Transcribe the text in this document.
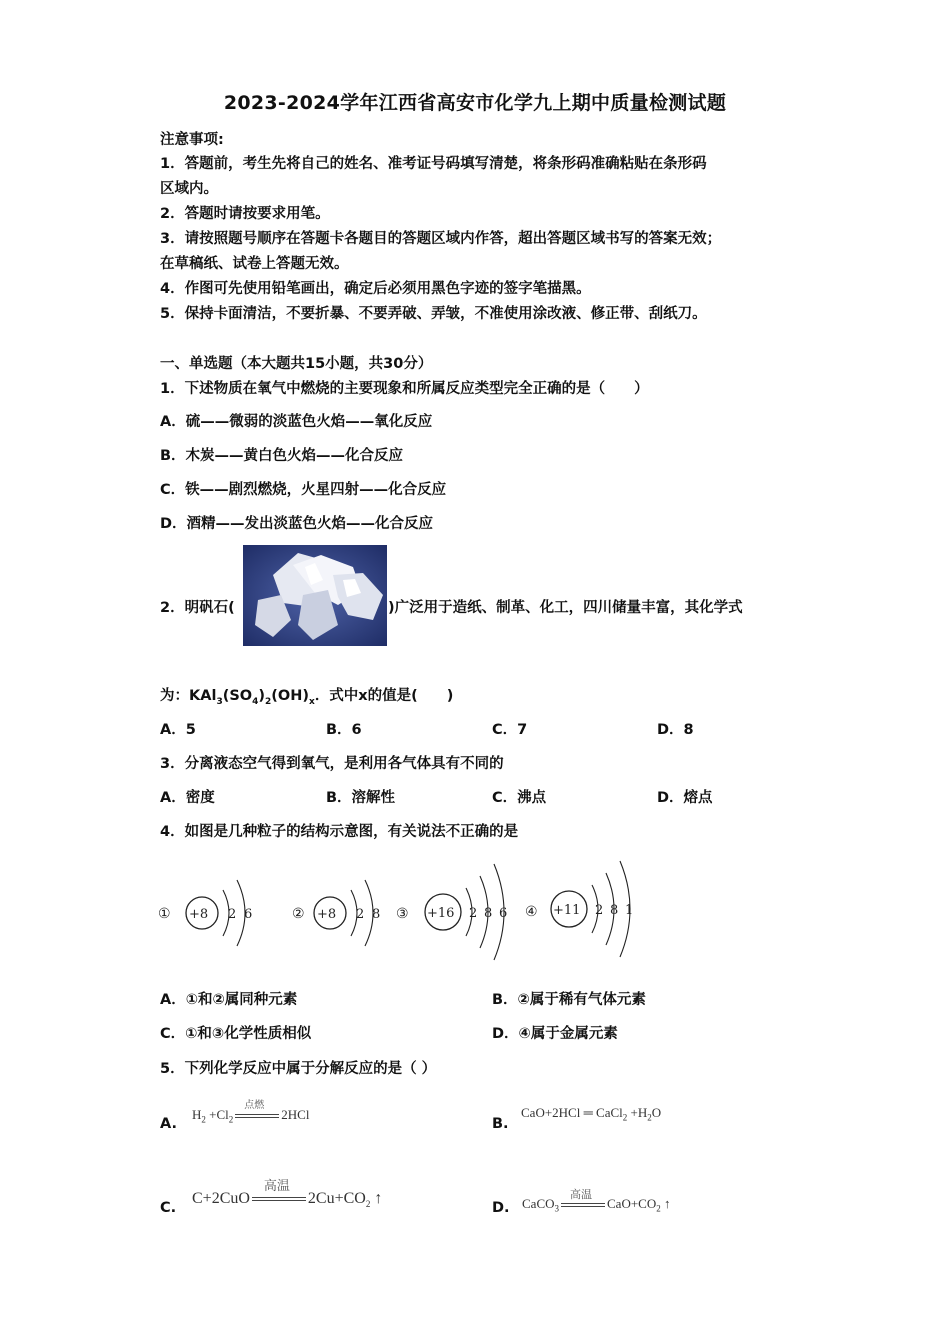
2023-2024学年江西省高安市化学九上期中质量检测试题
注意事项:
1．答题前，考生先将自己的姓名、准考证号码填写清楚，将条形码准确粘贴在条形码
区域内。
2．答题时请按要求用笔。
3．请按照题号顺序在答题卡各题目的答题区域内作答，超出答题区域书写的答案无效；
在草稿纸、试卷上答题无效。
4．作图可先使用铅笔画出，确定后必须用黑色字迹的签字笔描黑。
5．保持卡面清洁，不要折暴、不要弄破、弄皱，不准使用涂改液、修正带、刮纸刀。
一、单选题（本大题共15小题，共30分）
1．下述物质在氧气中燃烧的主要现象和所属反应类型完全正确的是（　　）
A．硫——微弱的淡蓝色火焰——氧化反应
B．木炭——黄白色火焰——化合反应
C．铁——剧烈燃烧，火星四射——化合反应
D．酒精——发出淡蓝色火焰——化合反应
2．明矾石(	)广泛用于造纸、制革、化工，四川储量丰富，其化学式
为：$KAl_3(SO_4)_2(OH)_x$．式中x的值是(　　)
A．5	B．6	C．7	D．8
3．分离液态空气得到氧气，是利用各气体具有不同的
A．密度	B．溶解性	C．沸点	D．熔点
4．如图是几种粒子的结构示意图，有关说法不正确的是
① +8 2 6	② +8 2 8 ③ +16 2 8 6 ④ +11 2 8 1
A．①和②属同种元素	B．②属于稀有气体元素
C．①和③化学性质相似	D．④属于金属元素
5．下列化学反应中属于分解反应的是（ ）
A.
$H_2 +Cl_2$
点燃
2HCl
B.
CaO+2HCl ═ CaCl$_2$ $+H_2O$
C.
C+2CuO
高温
$2Cu+CO_2$ ↑
D. CaCO$_3$
高温
$CaO+CO_2$ ↑
